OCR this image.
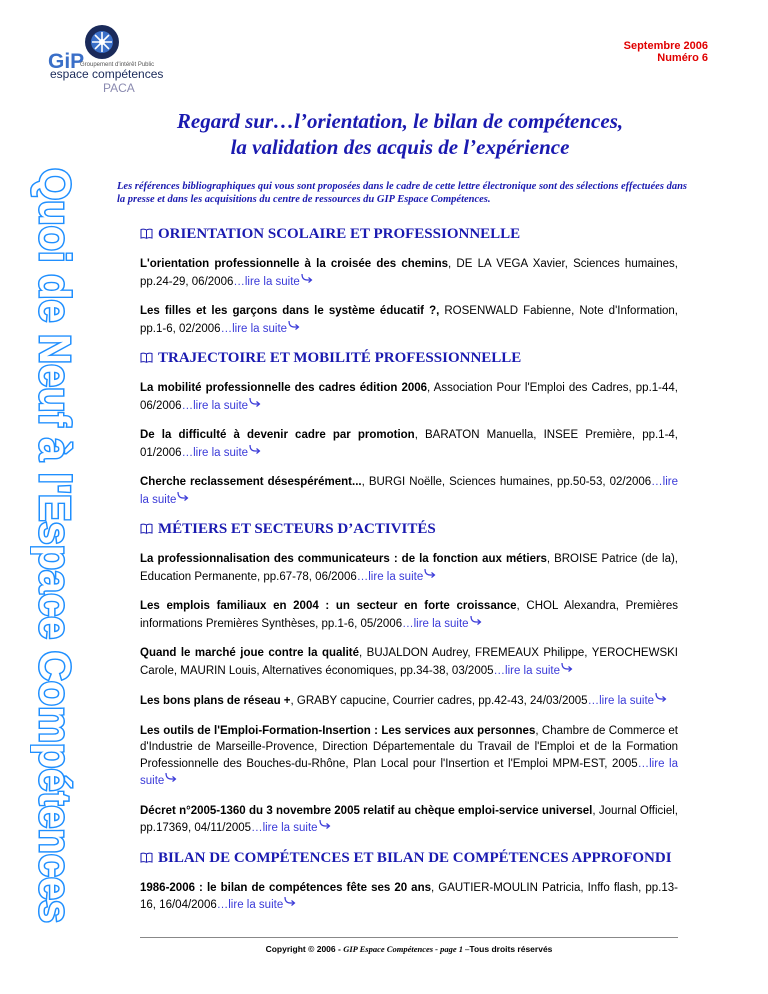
GiP
Groupement d'intérêt Public
espace compétences
PACA
Septembre 2006
Numéro 6
Quoi de Neuf à l'Espace Compétences
Regard sur…l’orientation, le bilan de compétences,
la validation des acquis de l’expérience
Les références bibliographiques qui vous sont proposées dans le cadre de cette lettre électronique sont des sélections effectuées dans la presse et dans les acquisitions du centre de ressources du GIP Espace Compétences.
ORIENTATION SCOLAIRE ET PROFESSIONNELLE
L'orientation professionnelle à la croisée des chemins, DE LA VEGA Xavier, Sciences humaines, pp.24-29, 06/2006…lire la suite
Les filles et les garçons dans le système éducatif ?, ROSENWALD Fabienne, Note d'Information, pp.1-6, 02/2006…lire la suite
TRAJECTOIRE ET MOBILITÉ PROFESSIONNELLE
La mobilité professionnelle des cadres édition 2006, Association Pour l'Emploi des Cadres, pp.1-44, 06/2006…lire la suite
De la difficulté à devenir cadre par promotion, BARATON Manuella, INSEE Première, pp.1-4, 01/2006…lire la suite
Cherche reclassement désespérément..., BURGI Noëlle, Sciences humaines, pp.50-53, 02/2006…lire la suite
MÉTIERS ET SECTEURS D’ACTIVITÉS
La professionnalisation des communicateurs : de la fonction aux métiers, BROISE Patrice (de la), Education Permanente, pp.67-78, 06/2006…lire la suite
Les emplois familiaux en 2004 : un secteur en forte croissance, CHOL Alexandra, Premières informations Premières Synthèses, pp.1-6, 05/2006…lire la suite
Quand le marché joue contre la qualité, BUJALDON Audrey, FREMEAUX Philippe, YEROCHEWSKI Carole, MAURIN Louis, Alternatives économiques, pp.34-38, 03/2005…lire la suite
Les bons plans de réseau +, GRABY capucine, Courrier cadres, pp.42-43, 24/03/2005…lire la suite
Les outils de l'Emploi-Formation-Insertion : Les services aux personnes, Chambre de Commerce et d'Industrie de Marseille-Provence, Direction Départementale du Travail de l'Emploi et de la Formation Professionnelle des Bouches-du-Rhône, Plan Local pour l'Insertion et l'Emploi MPM-EST, 2005…lire la suite
Décret n°2005-1360 du 3 novembre 2005 relatif au chèque emploi-service universel, Journal Officiel, pp.17369, 04/11/2005…lire la suite
BILAN DE COMPÉTENCES ET BILAN DE COMPÉTENCES APPROFONDI
1986-2006 : le bilan de compétences fête ses 20 ans, GAUTIER-MOULIN Patricia, Inffo flash, pp.13-16, 16/04/2006…lire la suite
Copyright © 2006 - GIP Espace Compétences - page 1 –Tous droits réservés
